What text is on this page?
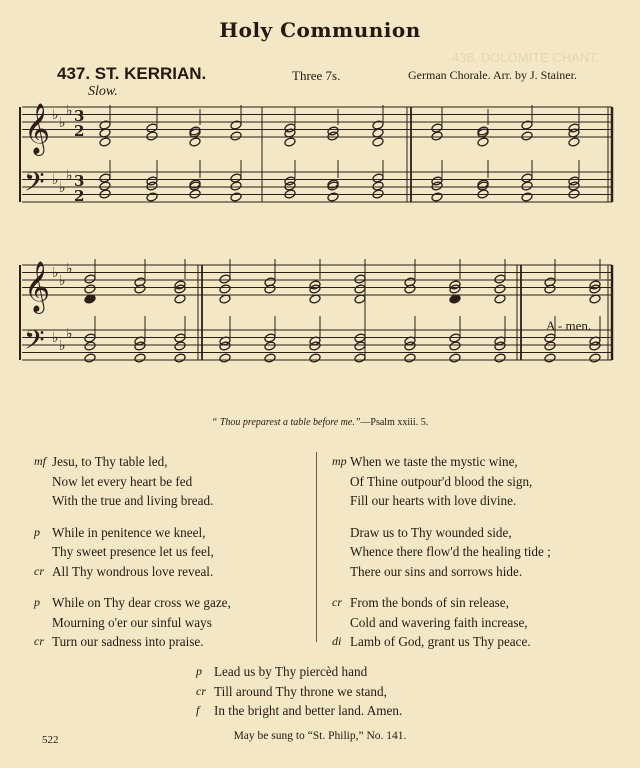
438. DOLOMITE CHANT.
Holy Communion
437. ST. KERRIAN.	Three 7s.	German Chorale. Arr. by J. Stainer.
Slow.
𝄞 ♭ ♭
♭
𝄢 ♭ ♭
♭
𝄞 ♭ ♭
♭
𝄢 ♭ ♭
♭
3
2
3
2
A - men.
“ Thou preparest a table before me.”—Psalm xxiii. 5.
mf Jesu, to Thy table led,
Now let every heart be fed
With the true and living bread.
p While in penitence we kneel,
Thy sweet presence let us feel,
cr All Thy wondrous love reveal.
p While on Thy dear cross we gaze,
Mourning o'er our sinful ways
cr Turn our sadness into praise.
mp When we taste the mystic wine,
Of Thine outpour'd blood the sign,
Fill our hearts with love divine.
Draw us to Thy wounded side,
Whence there flow'd the healing tide ;
There our sins and sorrows hide.
cr From the bonds of sin release,
Cold and wavering faith increase,
di Lamb of God, grant us Thy peace.
p Lead us by Thy piercèd hand
cr Till around Thy throne we stand,
f In the bright and better land. Amen.
522	May be sung to “St. Philip,” No. 141.
